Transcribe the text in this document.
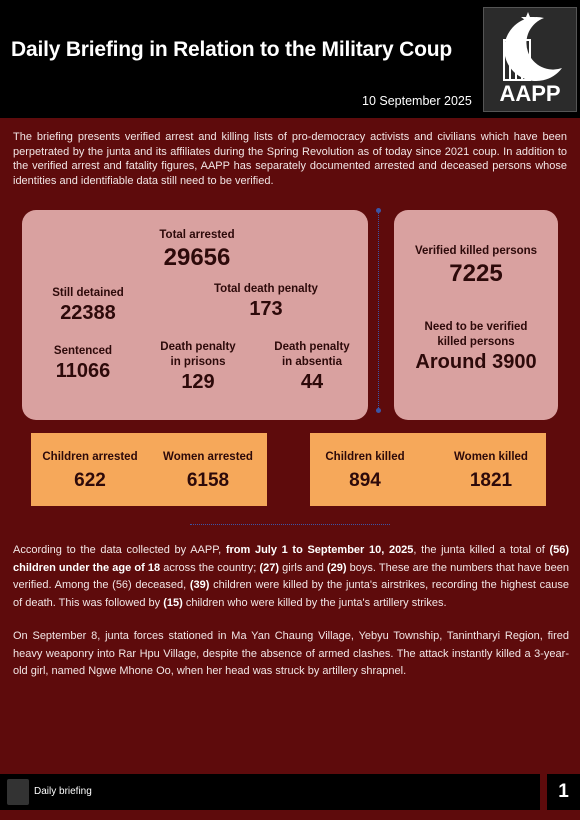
Daily Briefing in Relation to the Military Coup
10 September 2025	AAPP
The briefing presents verified arrest and killing lists of pro-democracy activists and civilians which have been perpetrated by the junta and its affiliates during the Spring Revolution as of today since 2021 coup. In addition to the verified arrest and fatality figures, AAPP has separately documented arrested and deceased persons whose identities and identifiable data still need to be verified.
Total arrested
29656
Still detained
22388
Total death penalty
173
Sentenced
11066
Death penalty
in prisons
129
Death penalty
in absentia
44
Verified killed persons
7225
Need to be verified
killed persons
Around 3900
Children arrested
622
Women arrested
6158
Children killed
894
Women killed
1821
According to the data collected by AAPP, from July 1 to September 10, 2025, the junta killed a total of (56) children under the age of 18 across the country; (27) girls and (29) boys. These are the numbers that have been verified. Among the (56) deceased, (39) children were killed by the junta's airstrikes, recording the highest cause of death. This was followed by (15) children who were killed by the junta's artillery strikes.
On September 8, junta forces stationed in Ma Yan Chaung Village, Yebyu Township, Tanintharyi Region, fired heavy weaponry into Rar Hpu Village, despite the absence of armed clashes. The attack instantly killed a 3-year-old girl, named Ngwe Mhone Oo, when her head was struck by artillery shrapnel.
Daily briefing	1
